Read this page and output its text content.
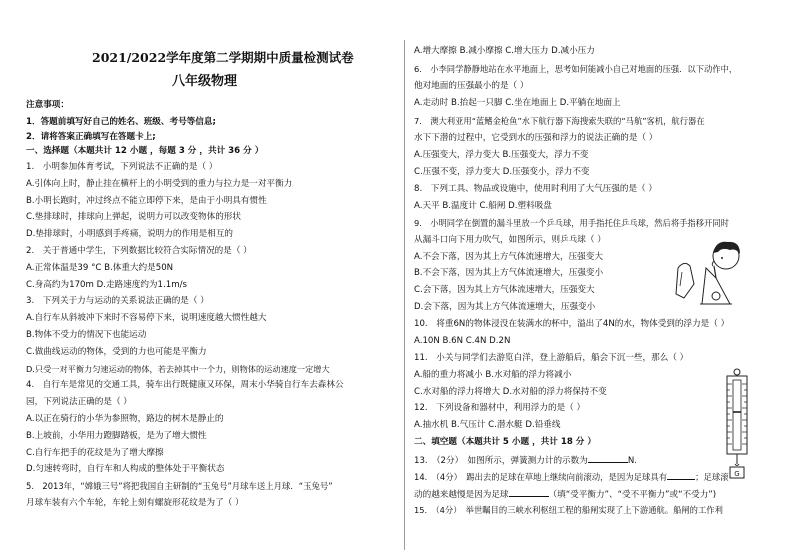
2021/2022学年度第二学期期中质量检测试卷
八年级物理
注意事项：
1．答题前填写好自己的姓名、班级、考号等信息;
2．请将答案正确填写在答题卡上;
一、选择题（本题共计 12 小题 ，每题 3 分 ，共计 36 分 ）
1.　小明参加体育考试，下列说法不正确的是（ ）
A.引体向上时，静止挂在横杆上的小明受到的重力与拉力是一对平衡力
B.小明长跑时，冲过终点不能立即停下来，是由于小明具有惯性
C.垫排球时，排球向上弹起，说明力可以改变物体的形状
D.垫排球时，小明感到手疼痛，说明力的作用是相互的
2.　关于普通中学生，下列数据比较符合实际情况的是（ ）
A.正常体温是39 °C B.体重大约是50N
C.身高约为170m D.走路速度约为1.1m/s
3.　下列关于力与运动的关系说法正确的是（ ）
A.自行车从斜坡冲下来时不容易停下来，说明速度越大惯性越大
B.物体不受力的情况下也能运动
C.做曲线运动的物体，受到的力也可能是平衡力
D.只受一对平衡力匀速运动的物体，若去掉其中一个力，则物体的运动速度一定增大
4.　自行车是常见的交通工具，骑车出行既健康又环保，周末小华骑自行车去森林公
园，下列说法正确的是（ ）
A.以正在骑行的小华为参照物，路边的树木是静止的
B.上坡前，小华用力蹬脚踏板，是为了增大惯性
C.自行车把手的花纹是为了增大摩擦
D.匀速转弯时，自行车和人构成的整体处于平衡状态
5.　2013年，“嫦娥三号”将把我国自主研制的“玉兔号”月球车送上月球．“玉兔号”
月球车装有六个车轮，车轮上刻有螺旋形花纹是为了（ ）
A.增大摩擦 B.减小摩擦 C.增大压力 D.减小压力
6.　小李同学静静地站在水平地面上，思考如何能减小自己对地面的压强．以下动作中，
他对地面的压强最小的是（ ）
A.走动时 B.抬起一只脚 C.坐在地面上 D.平躺在地面上
7.　澳大利亚用“蓝鳍金枪鱼”水下航行器下海搜索失联的“马航”客机，航行器在
水下下潜的过程中，它受到水的压强和浮力的说法正确的是（ ）
A.压强变大，浮力变大 B.压强变大，浮力不变
C.压强不变，浮力变大 D.压强变小，浮力不变
8.　下列工具、物品或设施中，使用时利用了大气压强的是（ ）
A.天平 B.温度计 C.船闸 D.塑料吸盘
9.　小明同学在倒置的漏斗里放一个乒乓球，用手指托住乒乓球，然后将手指移开同时
从漏斗口向下用力吹气，如图所示，则乒乓球（ ）
A.不会下落，因为其上方气体流速增大，压强变大
B.不会下落，因为其上方气体流速增大，压强变小
C.会下落，因为其上方气体流速增大，压强变大
D.会下落，因为其上方气体流速增大，压强变小
10.　将重6N的物体浸没在装满水的杯中，溢出了4N的水，物体受到的浮力是（ ）
A.10N B.6N C.4N D.2N
11.　小关与同学们去游览白洋，登上游船后，船会下沉一些，那么（ ）
A.船的重力将减小 B.水对船的浮力将减小
C.水对船的浮力将增大 D.水对船的浮力将保持不变
12.　下列设备和器材中，利用浮力的是（ ）
A.抽水机 B.气压计 C.潜水艇 D.铅垂线
二、填空题（本题共计 5 小题 ，共计 18 分 ）
13.　（2分）　如图所示，弹簧测力计的示数为	N.
14.　（4分）　踢出去的足球在草地上继续向前滚动，是因为足球具有	；足球滚
动的越来越慢是因为足球	（填“受平衡力”、“受不平衡力”或“不受力”)
15.　（4分）　举世瞩目的三峡水利枢纽工程的船闸实现了上下游通航。船闸的工作利
G
